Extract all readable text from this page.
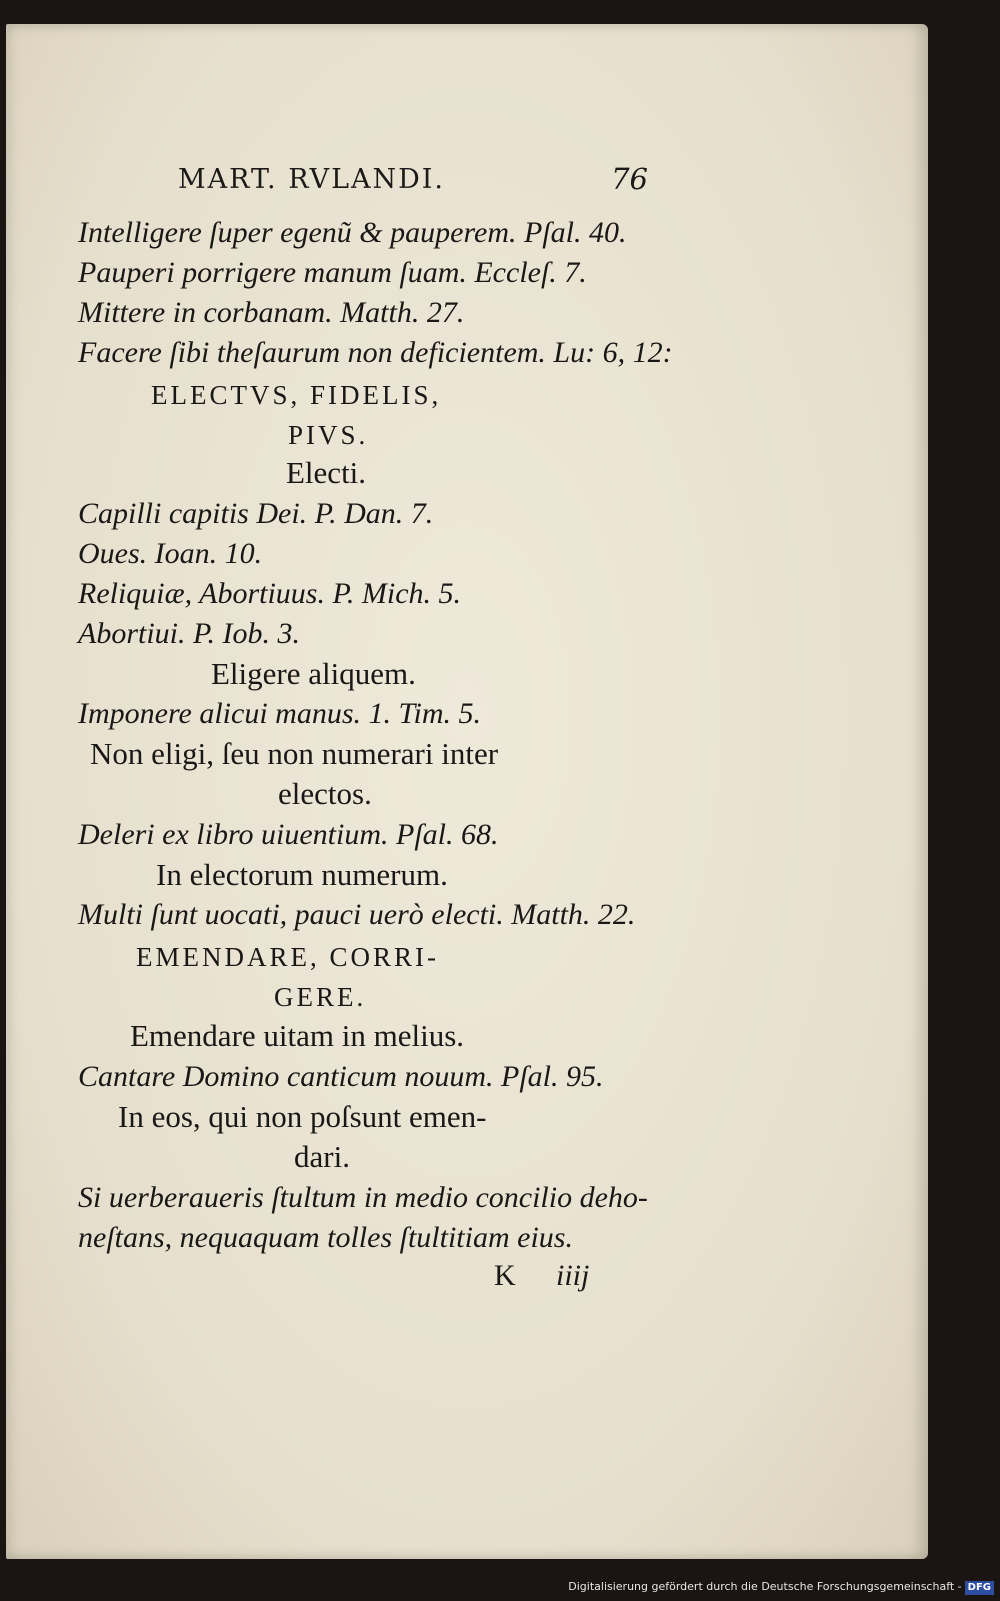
MART. RVLANDI.	76
Intelligere ſuper egenũ & pauperem. Pſal. 40.
Pauperi porrigere manum ſuam. Eccleſ. 7.
Mittere in corbanam. Matth. 27.
Facere ſibi theſaurum non deficientem. Lu: 6, 12:
ELECTVS, FIDELIS,
PIVS.
Electi.
Capilli capitis Dei. P. Dan. 7.
Oues. Ioan. 10.
Reliquiæ, Abortiuus. P. Mich. 5.
Abortiui. P. Iob. 3.
Eligere aliquem.
Imponere alicui manus. 1. Tim. 5.
Non eligi, ſeu non numerari inter
electos.
Deleri ex libro uiuentium. Pſal. 68.
In electorum numerum.
Multi ſunt uocati, pauci uerò electi. Matth. 22.
EMENDARE, CORRI-
GERE.
Emendare uitam in melius.
Cantare Domino canticum nouum. Pſal. 95.
In eos, qui non poſsunt emen-
dari.
Si uerberaueris ſtultum in medio concilio deho-
neſtans, nequaquam tolles ſtultitiam eius.
K iiij
Digitalisierung gefördert durch die Deutsche Forschungsgemeinschaft - DFG
